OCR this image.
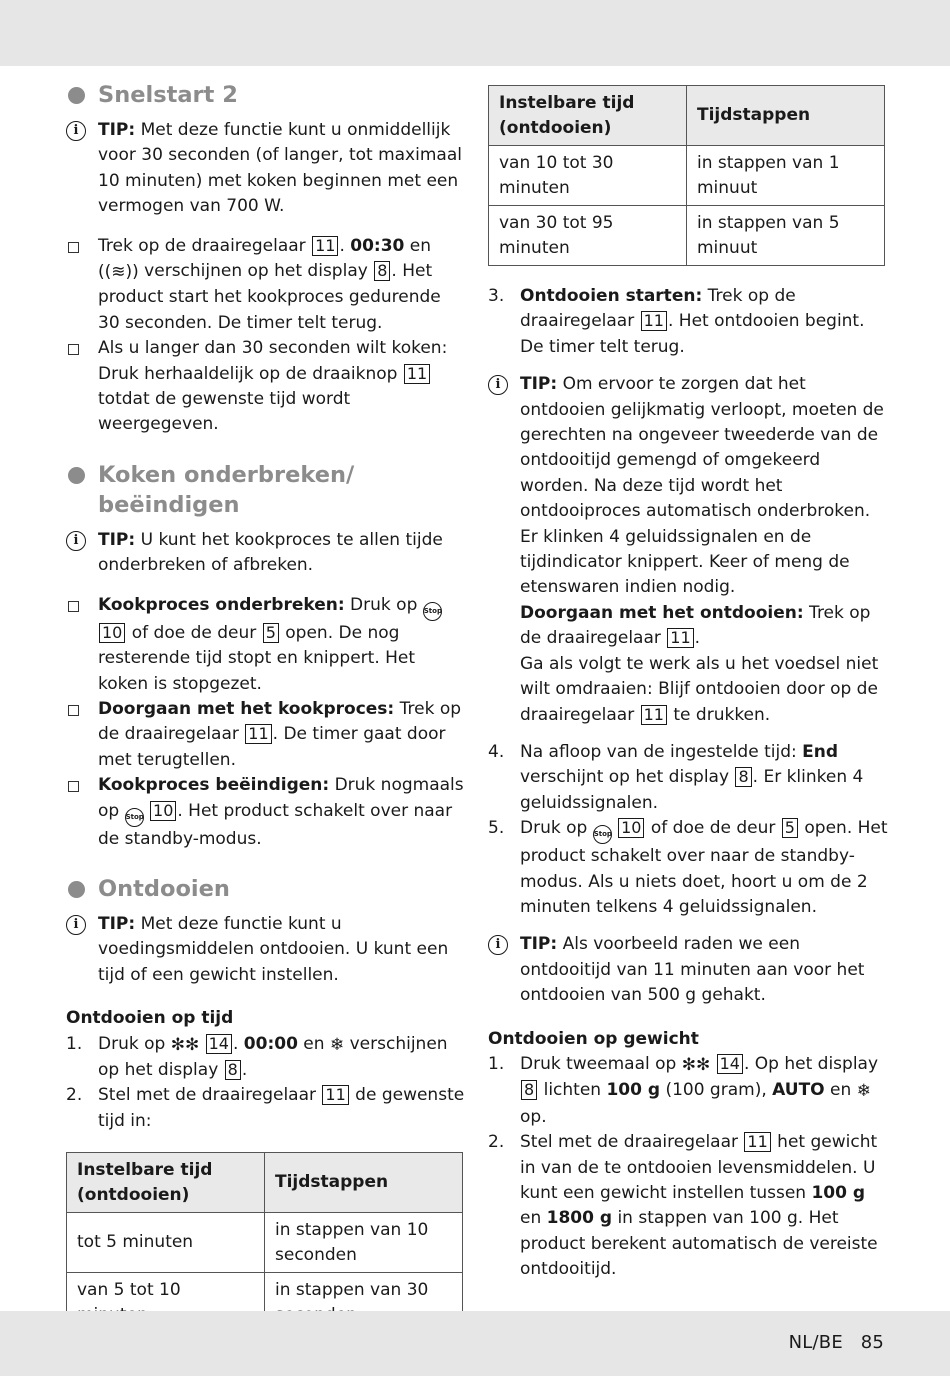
Snelstart 2
i	TIP: Met deze functie kunt u onmiddellijk voor 30 seconden (of langer, tot maximaal 10 minuten) met koken beginnen met een vermogen van 700 W.
Trek op de draairegelaar 11 . 00:30 en ((≋)) verschijnen op het display 8 . Het product start het kookproces gedurende 30 seconden. De timer telt terug.
Als u langer dan 30 seconden wilt koken: Druk herhaaldelijk op de draaiknop 11 totdat de gewenste tijd wordt weergegeven.
Koken onderbreken/ beëindigen
i	TIP: U kunt het kookproces te allen tijde onderbreken of afbreken.
Kookproces onderbreken: Druk op Stop 10 of doe de deur 5 open. De nog resterende tijd stopt en knippert. Het koken is stopgezet.
Doorgaan met het kookproces: Trek op de draairegelaar 11 . De timer gaat door met terugtellen.
Kookproces beëindigen: Druk nogmaals op Stop 10 . Het product schakelt over naar de standby-modus.
Ontdooien
i	TIP: Met deze functie kunt u voedingsmiddelen ontdooien. U kunt een tijd of een gewicht instellen.
Ontdooien op tijd
1. Druk op ✻✻ 14 . 00:00 en ❄ verschijnen op het display 8 .
2. Stel met de draairegelaar 11 de gewenste tijd in:
Instelbare tijd (ontdooien)	Tijdstappen
tot 5 minuten	in stappen van 10 seconden
van 5 tot 10	in stappen van 30
Instelbare tijd (ontdooien)	Tijdstappen
van 10 tot 30 minuten	in stappen van 1 minuut
van 30 tot 95 minuten	in stappen van 5 minuut
3. Ontdooien starten: Trek op de draairegelaar 11 . Het ontdooien begint. De timer telt terug.
i	TIP: Om ervoor te zorgen dat het ontdooien gelijkmatig verloopt, moeten de gerechten na ongeveer tweederde van de ontdooitijd gemengd of omgekeerd worden. Na deze tijd wordt het ontdooiproces automatisch onderbroken. Er klinken 4 geluidssignalen en de tijdindicator knippert. Keer of meng de etenswaren indien nodig.
Doorgaan met het ontdooien: Trek op de draairegelaar 11 .
Ga als volgt te werk als u het voedsel niet wilt omdraaien: Blijf ontdooien door op de draairegelaar 11 te drukken.
4. Na afloop van de ingestelde tijd: End verschijnt op het display 8 . Er klinken 4 geluidssignalen.
5. Druk op Stop 10 of doe de deur 5 open. Het product schakelt over naar de standby-modus. Als u niets doet, hoort u om de 2 minuten telkens 4 geluidssignalen.
i	TIP: Als voorbeeld raden we een ontdooitijd van 11 minuten aan voor het ontdooien van 500 g gehakt.
Ontdooien op gewicht
1. Druk tweemaal op ✻✻ 14 . Op het display 8 lichten 100 g (100 gram), AUTO en ❄ op.
2. Stel met de draairegelaar 11 het gewicht in van de te ontdooien levensmiddelen. U kunt een gewicht instellen tussen 100 g en 1800 g in stappen van 100 g. Het product berekent automatisch de vereiste ontdooitijd.
NL/BE 85
